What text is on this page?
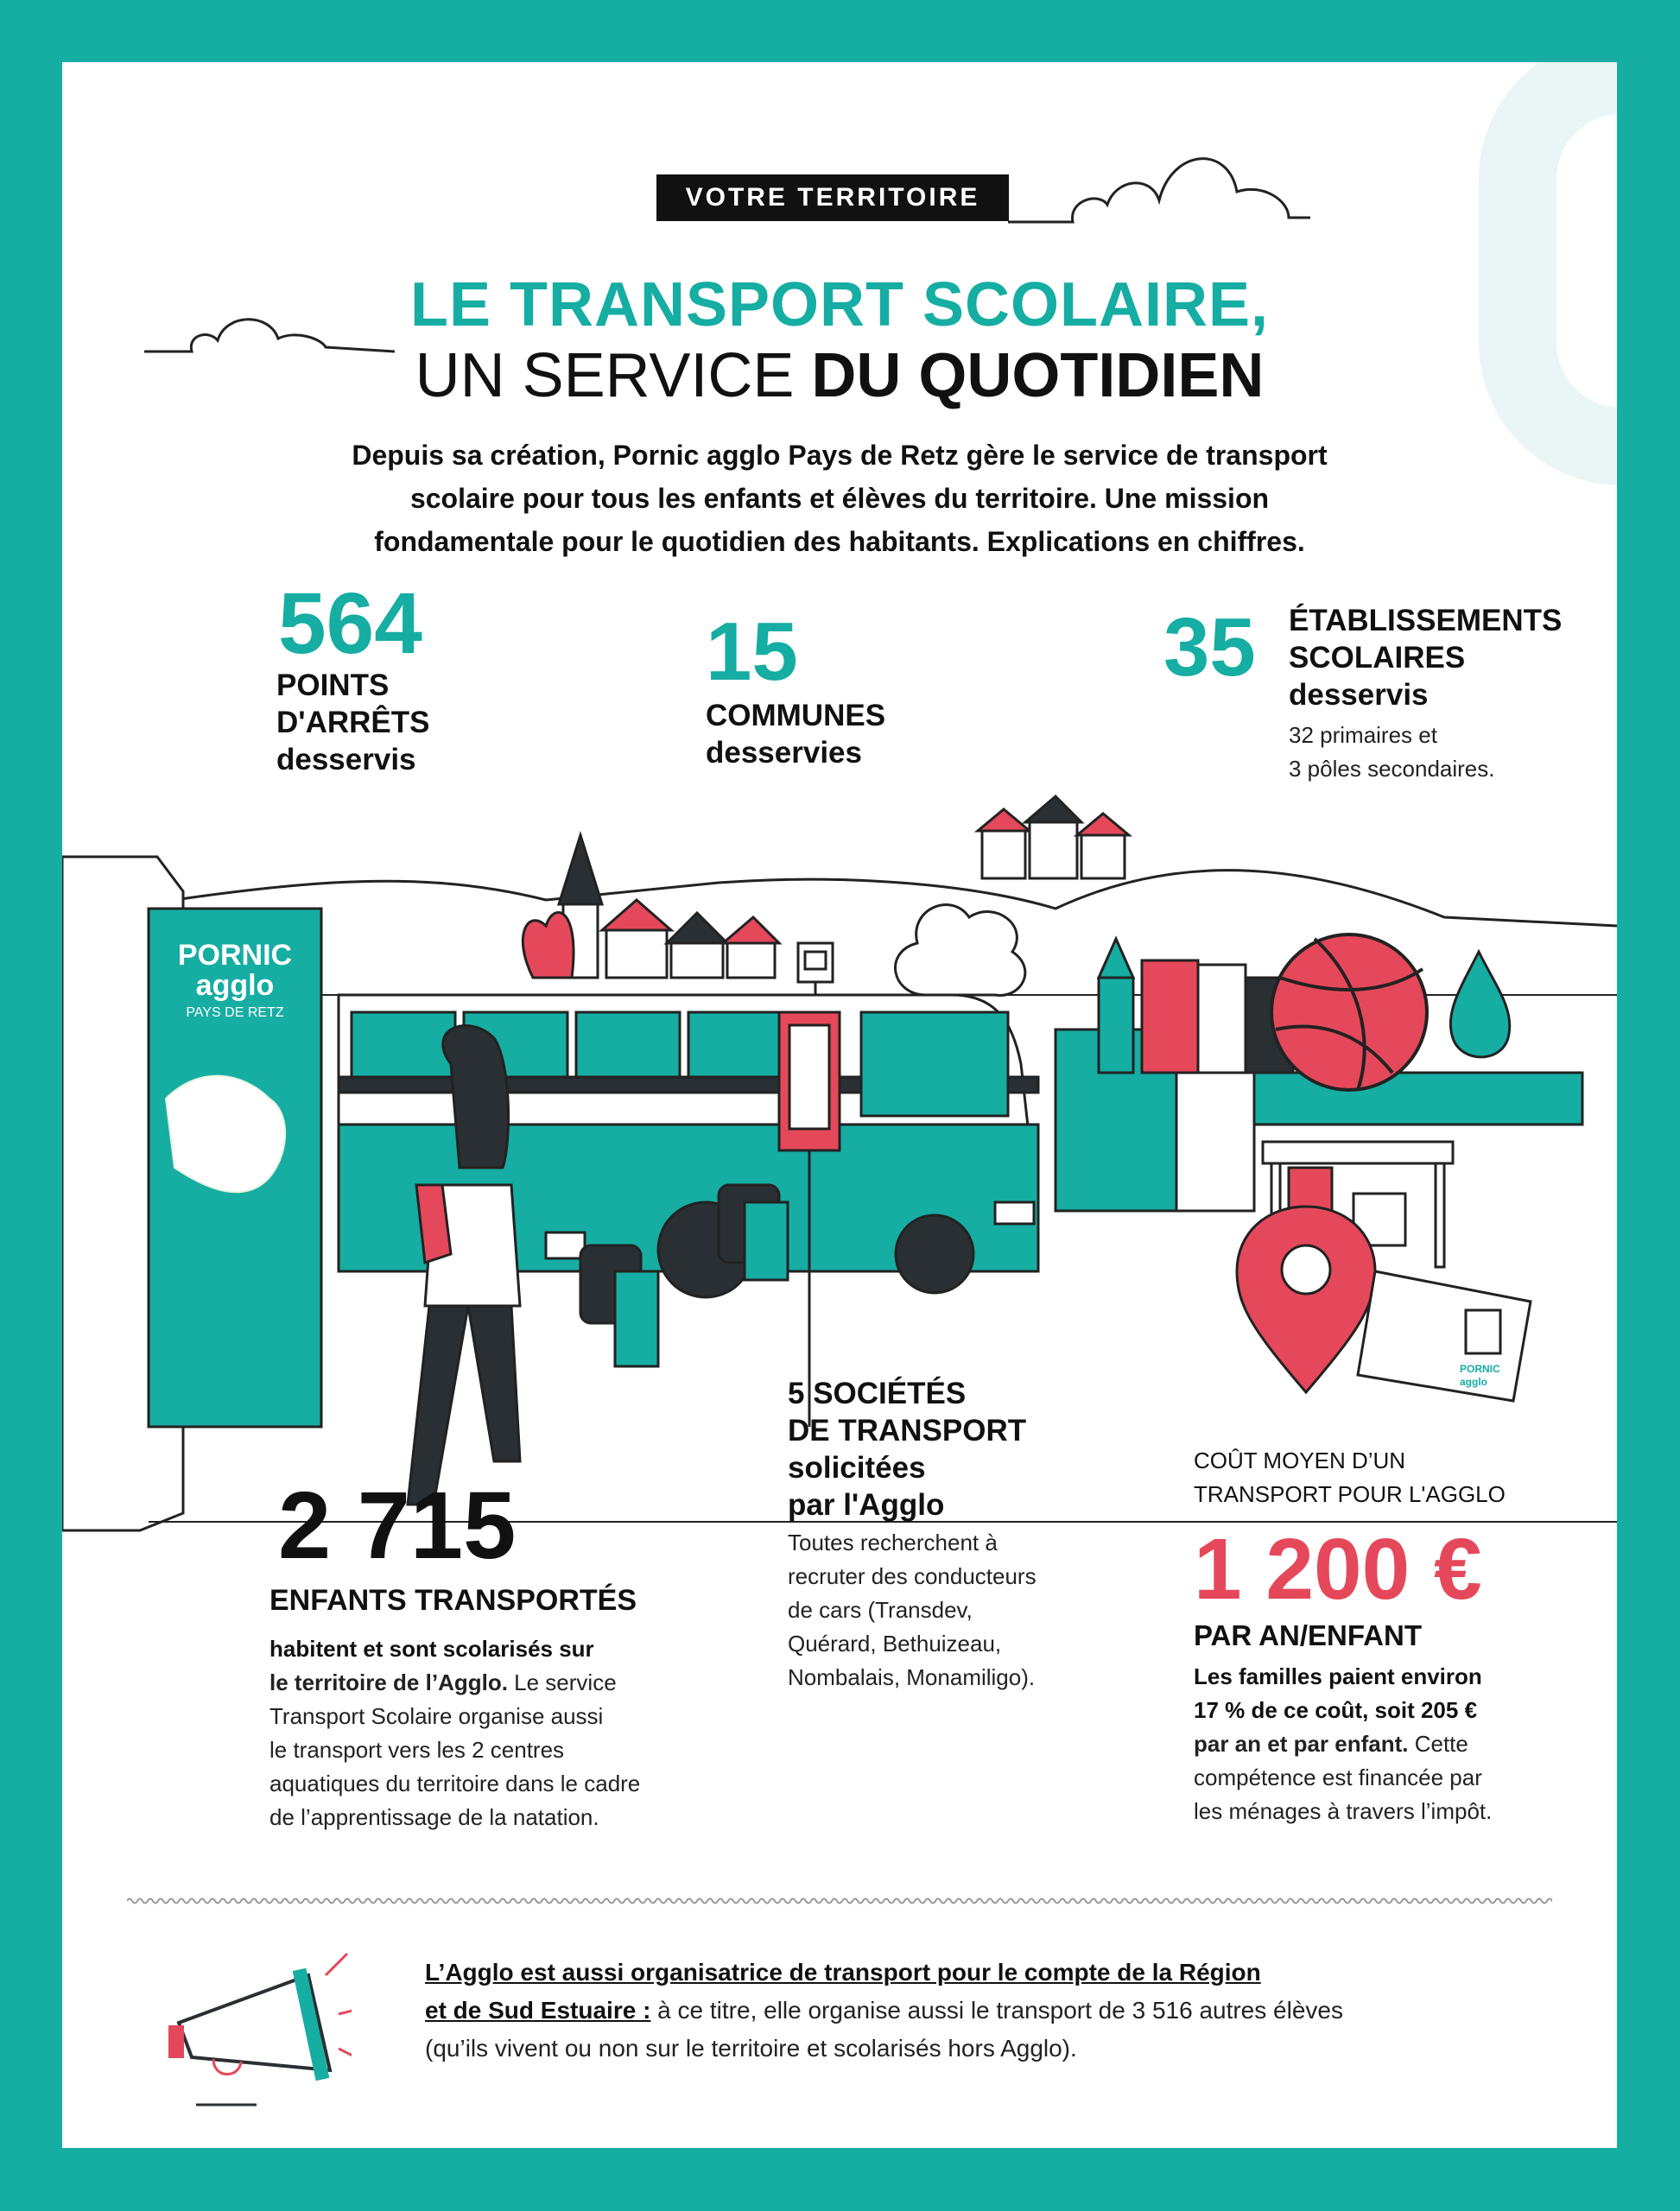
VOTRE TERRITOIRE
LE TRANSPORT SCOLAIRE,
UN SERVICE DU QUOTIDIEN
Depuis sa création, Pornic agglo Pays de Retz gère le service de transport
scolaire pour tous les enfants et élèves du territoire. Une mission
fondamentale pour le quotidien des habitants. Explications en chiffres.
PORNIC
agglo
PAYS DE RETZ
PORNIC
agglo
564
POINTS
D'ARRÊTS
desservis
15
COMMUNES
desservies
35 ÉTABLISSEMENTS
SCOLAIRES
desservis
32 primaires et
3 pôles secondaires.
2 715
ENFANTS TRANSPORTÉS
habitent et sont scolarisés sur
le territoire de l’Agglo. Le service
Transport Scolaire organise aussi
le transport vers les 2 centres
aquatiques du territoire dans le cadre
de l’apprentissage de la natation.
5 SOCIÉTÉS
DE TRANSPORT
solicitées
par l'Agglo
Toutes recherchent à
recruter des conducteurs
de cars (Transdev,
Quérard, Bethuizeau,
Nombalais, Monamiligo).
COÛT MOYEN D’UN
TRANSPORT POUR L'AGGLO
1 200 €
PAR AN/ENFANT
Les familles paient environ
17 % de ce coût, soit 205 €
par an et par enfant. Cette
compétence est financée par
les ménages à travers l’impôt.
L’Agglo est aussi organisatrice de transport pour le compte de la Région
et de Sud Estuaire : à ce titre, elle organise aussi le transport de 3 516 autres élèves
(qu’ils vivent ou non sur le territoire et scolarisés hors Agglo).
